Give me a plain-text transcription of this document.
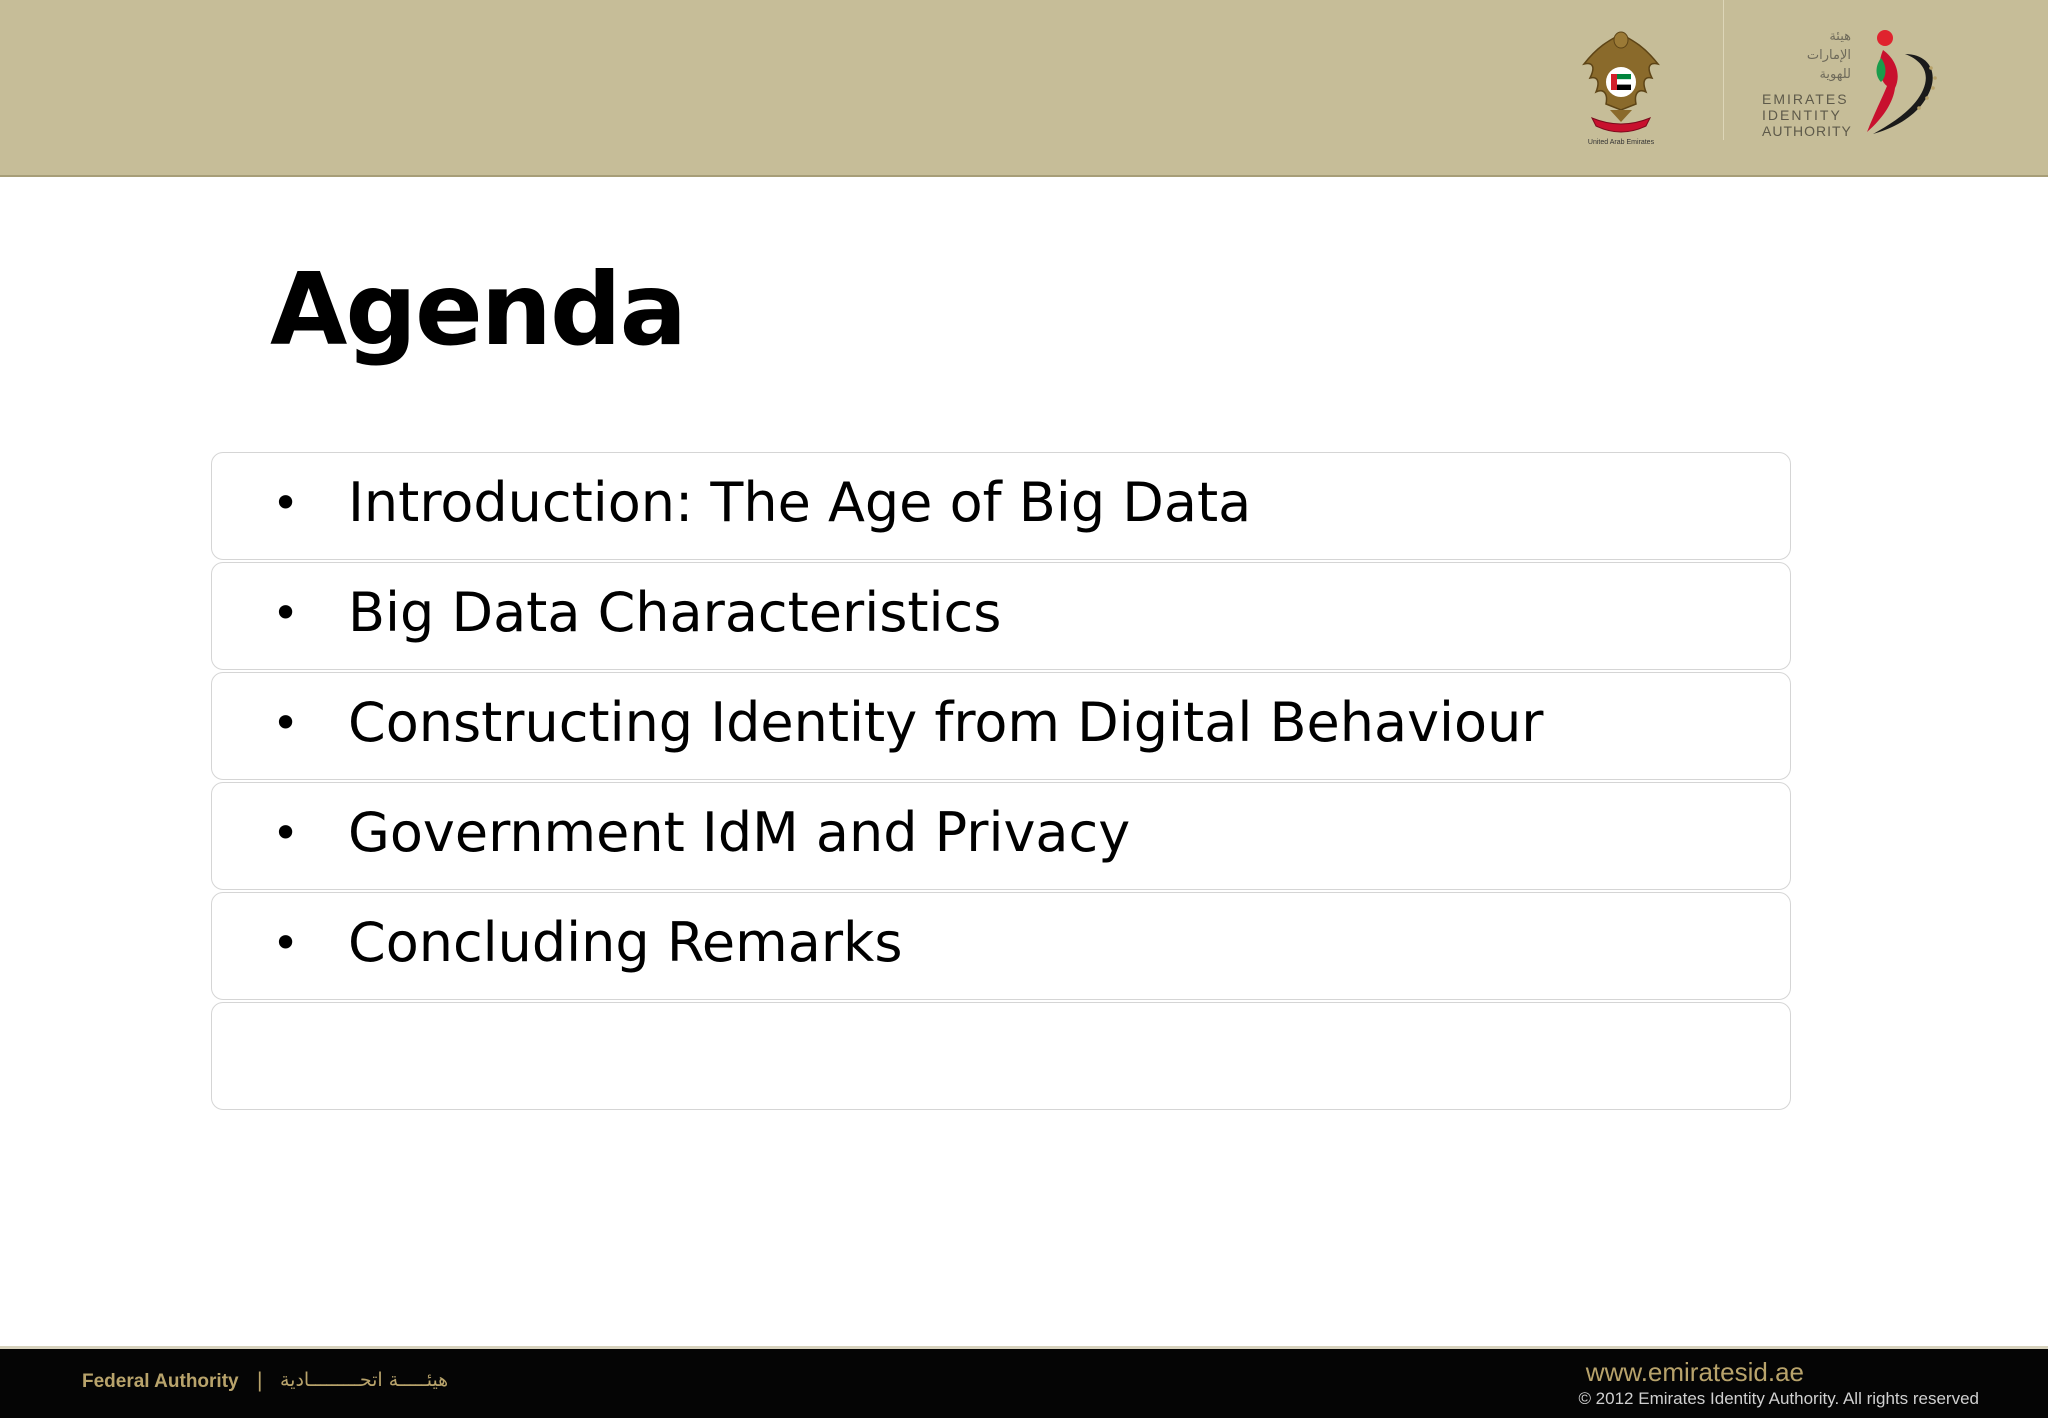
United Arab Emirates
هيئة
الإمارات
للهوية
EMIRATES
IDENTITY
AUTHORITY
Agenda
• Introduction: The Age of Big Data
• Big Data Characteristics
• Constructing Identity from Digital Behaviour
• Government IdM and Privacy
• Concluding Remarks
Federal Authority | هيئـــــة اتحـــــــــادية	www.emiratesid.ae
© 2012 Emirates Identity Authority. All rights reserved
